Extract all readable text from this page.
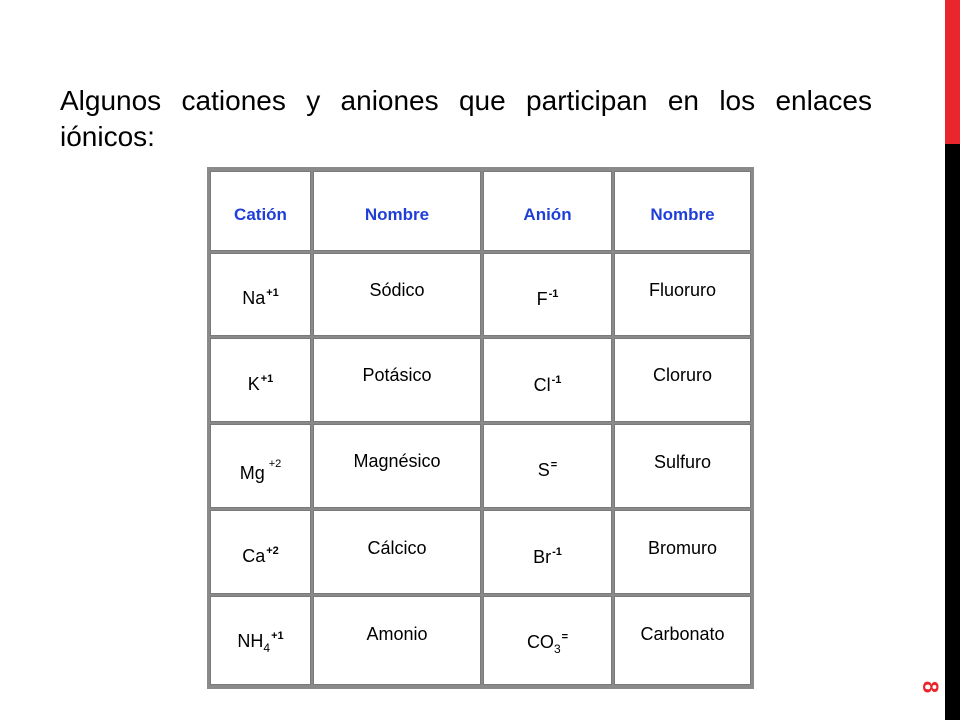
8
Algunos cationes y aniones que participan en los enlaces iónicos:
Catión	Nombre	Anión	Nombre
$Na^{+1}$	Sódico	$F^{-1}$	Fluoruro
$K^{+1}$	Potásico	$Cl^{-1}$	Cloruro
Mg $^{+2}$	Magnésico	S=	Sulfuro
$Ca^{+2}$	Cálcico	$Br^{-1}$	Bromuro
$NH_4^{+1}$	Amonio	$CO_3^=$	Carbonato
